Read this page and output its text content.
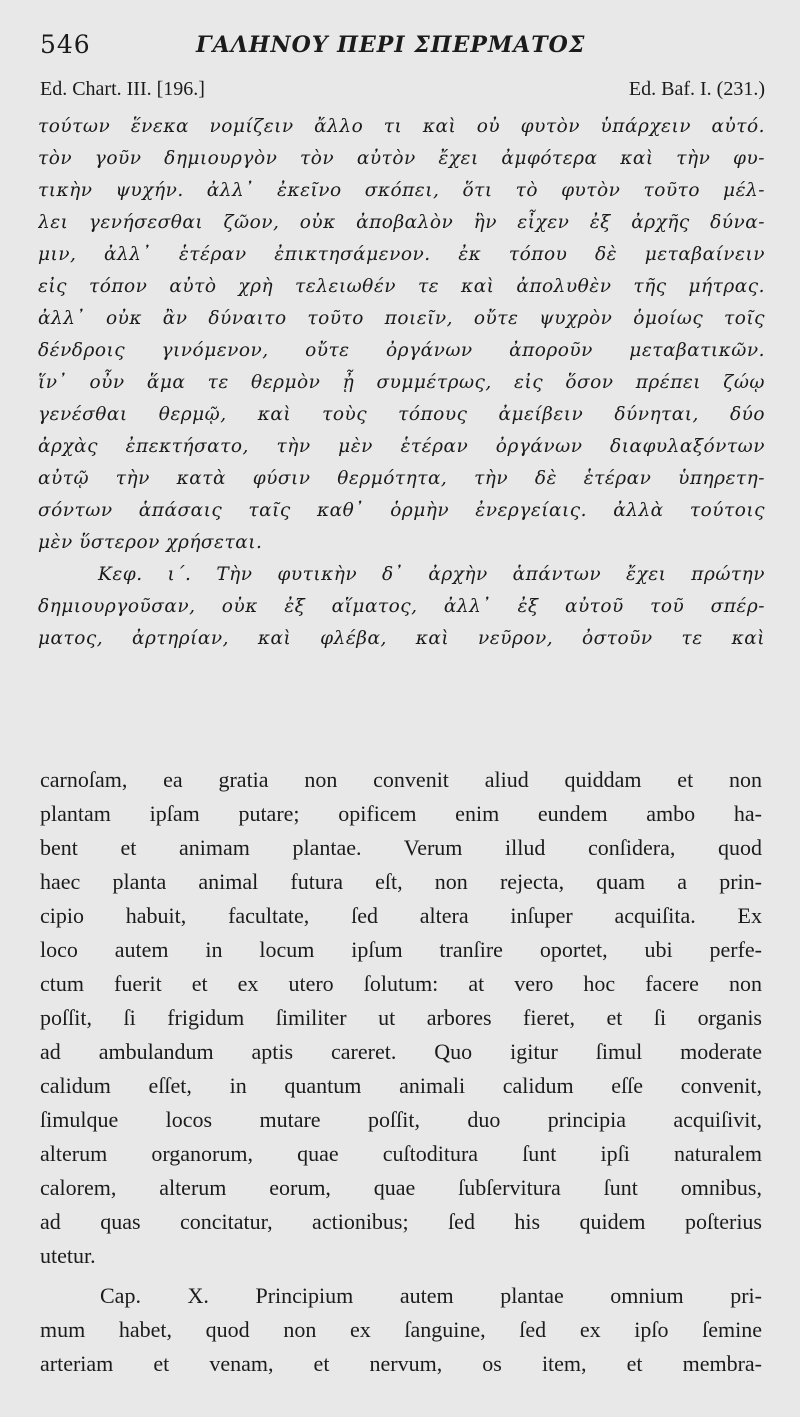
546	ΓΑΛΗΝΟΥ ΠΕΡΙ ΣΠΕΡΜΑΤΟΣ
Ed. Chart. III. [196.]	Ed. Baf. I. (231.)
τούτων ἕνεκα νομίζειν ἄλλο τι καὶ οὐ φυτὸν ὑπάρχειν αὐτό.
τὸν γοῦν δημιουργὸν τὸν αὐτὸν ἔχει ἀμφότερα καὶ τὴν φυ-
τικὴν ψυχήν. ἀλλ᾽ ἐκεῖνο σκόπει, ὅτι τὸ φυτὸν τοῦτο μέλ-
λει γενήσεσθαι ζῶον, οὐκ ἀποβαλὸν ἣν εἶχεν ἐξ ἀρχῆς δύνα-
μιν, ἀλλ᾽ ἑτέραν ἐπικτησάμενον. ἐκ τόπου δὲ μεταβαίνειν
εἰς τόπον αὐτὸ χρὴ τελειωθέν τε καὶ ἀπολυθὲν τῆς μήτρας.
ἀλλ᾽ οὐκ ἂν δύναιτο τοῦτο ποιεῖν, οὔτε ψυχρὸν ὁμοίως τοῖς
δένδροις γινόμενον, οὔτε ὀργάνων ἀποροῦν μεταβατικῶν.
ἵν᾽ οὖν ἅμα τε θερμὸν ᾖ συμμέτρως, εἰς ὅσον πρέπει ζώῳ
γενέσθαι θερμῷ, καὶ τοὺς τόπους ἀμείβειν δύνηται, δύο
ἀρχὰς ἐπεκτήσατο, τὴν μὲν ἑτέραν ὀργάνων διαφυλαξόντων
αὐτῷ τὴν κατὰ φύσιν θερμότητα, τὴν δὲ ἑτέραν ὑπηρετη-
σόντων ἁπάσαις ταῖς καθ᾽ ὁρμὴν ἐνεργείαις. ἀλλὰ τούτοις
μὲν ὕστερον χρήσεται.
Κεφ. ι΄. Τὴν φυτικὴν δ᾽ ἀρχὴν ἁπάντων ἔχει πρώτην
δημιουργοῦσαν, οὐκ ἐξ αἵματος, ἀλλ᾽ ἐξ αὐτοῦ τοῦ σπέρ-
ματος, ἀρτηρίαν, καὶ φλέβα, καὶ νεῦρον, ὀστοῦν τε καὶ
carnoſam, ea gratia non convenit aliud quiddam et non
plantam ipſam putare; opificem enim eundem ambo ha-
bent et animam plantae. Verum illud conſidera, quod
haec planta animal futura eſt, non rejecta, quam a prin-
cipio habuit, facultate, ſed altera inſuper acquiſita. Ex
loco autem in locum ipſum tranſire oportet, ubi perfe-
ctum fuerit et ex utero ſolutum: at vero hoc facere non
poſſit, ſi frigidum ſimiliter ut arbores fieret, et ſi organis
ad ambulandum aptis careret. Quo igitur ſimul moderate
calidum eſſet, in quantum animali calidum eſſe convenit,
ſimulque locos mutare poſſit, duo principia acquiſivit,
alterum organorum, quae cuſtoditura ſunt ipſi naturalem
calorem, alterum eorum, quae ſubſervitura ſunt omnibus,
ad quas concitatur, actionibus; ſed his quidem poſterius
utetur.
Cap. X. Principium autem plantae omnium pri-
mum habet, quod non ex ſanguine, ſed ex ipſo ſemine
arteriam et venam, et nervum, os item, et membra-
